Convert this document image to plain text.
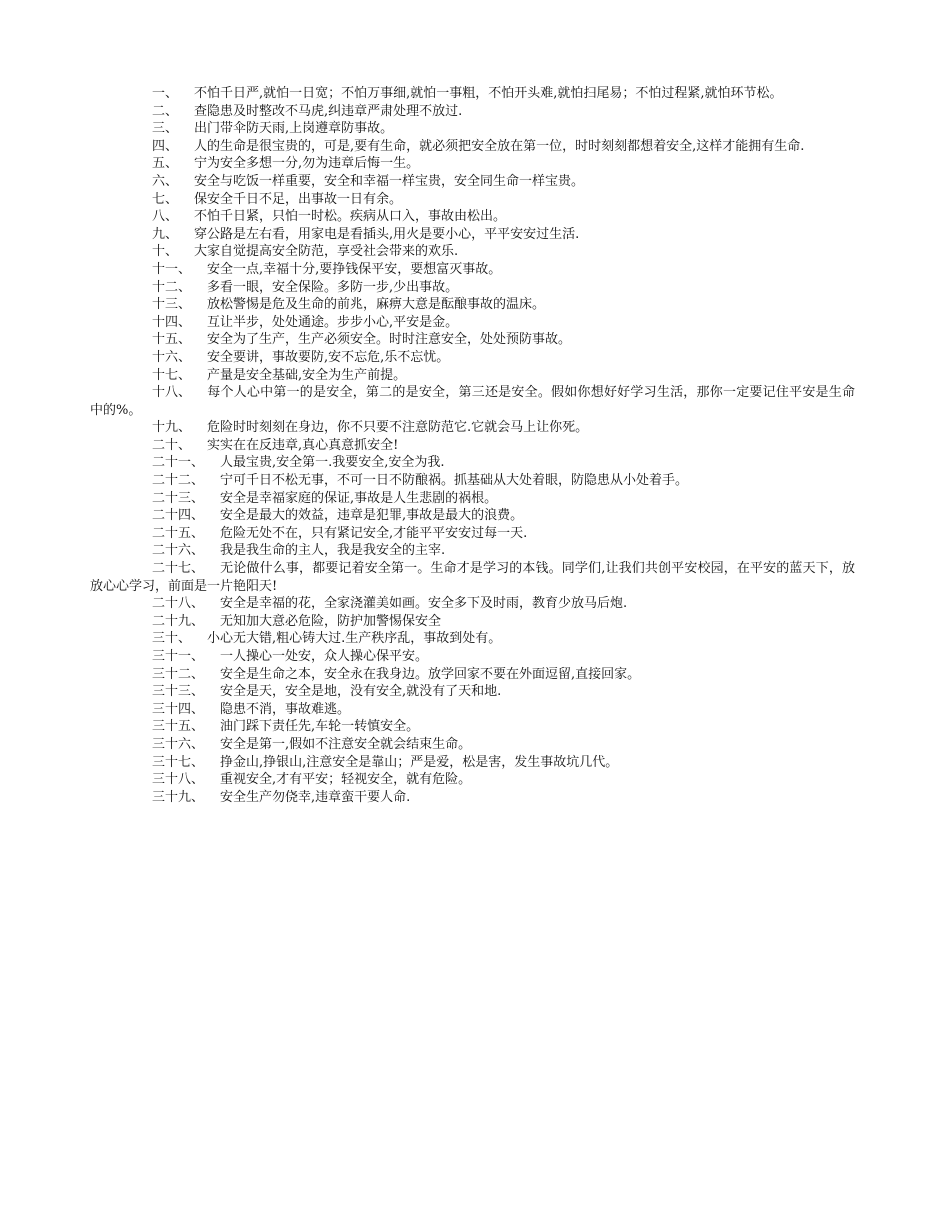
一、 不怕千日严,就怕一日宽；不怕万事细,就怕一事粗，不怕开头难,就怕扫尾易；不怕过程紧,就怕环节松。

二、 查隐患及时整改不马虎,纠违章严肃处理不放过.

三、 出门带伞防天雨,上岗遵章防事故。

四、 人的生命是很宝贵的，可是,要有生命，就必须把安全放在第一位，时时刻刻都想着安全,这样才能拥有生命.

五、 宁为安全多想一分,勿为违章后悔一生。

六、 安全与吃饭一样重要，安全和幸福一样宝贵，安全同生命一样宝贵。

七、 保安全千日不足，出事故一日有余。

八、 不怕千日紧，只怕一时松。疾病从口入，事故由松出。

九、 穿公路是左右看，用家电是看插头,用火是要小心，平平安安过生活.

十、 大家自觉提高安全防范，享受社会带来的欢乐.

十一、 安全一点,幸福十分,要挣钱保平安，要想富灭事故。

十二、 多看一眼，安全保险。多防一步,少出事故。

十三、 放松警惕是危及生命的前兆，麻痹大意是酝酿事故的温床。

十四、 互让半步，处处通途。步步小心,平安是金。

十五、 安全为了生产，生产必须安全。时时注意安全，处处预防事故。

十六、 安全要讲，事故要防,安不忘危,乐不忘忧。

十七、 产量是安全基础,安全为生产前提。

十八、 每个人心中第一的是安全，第二的是安全，第三还是安全。假如你想好好学习生活，那你一定要记住平安是生命中的%。

十九、 危险时时刻刻在身边，你不只要不注意防范它.它就会马上让你死。

二十、 实实在在反违章,真心真意抓安全!

二十一、 人最宝贵,安全第一.我要安全,安全为我.

二十二、 宁可千日不松无事，不可一日不防酿祸。抓基础从大处着眼，防隐患从小处着手。

二十三、 安全是幸福家庭的保证,事故是人生悲剧的祸根。

二十四、 安全是最大的效益，违章是犯罪,事故是最大的浪费。

二十五、 危险无处不在，只有紧记安全,才能平平安安过每一天.

二十六、 我是我生命的主人，我是我安全的主宰.

二十七、 无论做什么事，都要记着安全第一。生命才是学习的本钱。同学们,让我们共创平安校园，在平安的蓝天下，放放心心学习，前面是一片艳阳天!

二十八、 安全是幸福的花，全家浇灌美如画。安全多下及时雨，教育少放马后炮.

二十九、 无知加大意必危险，防护加警惕保安全

三十、 小心无大错,粗心铸大过.生产秩序乱，事故到处有。

三十一、 一人操心一处安，众人操心保平安。

三十二、 安全是生命之本，安全永在我身边。放学回家不要在外面逗留,直接回家。

三十三、 安全是天，安全是地，没有安全,就没有了天和地.

三十四、 隐患不消，事故难逃。

三十五、 油门踩下责任先,车轮一转慎安全。

三十六、 安全是第一,假如不注意安全就会结束生命。

三十七、 挣金山,挣银山,注意安全是靠山；严是爱，松是害，发生事故坑几代。

三十八、 重视安全,才有平安；轻视安全，就有危险。

三十九、 安全生产勿侥幸,违章蛮干要人命.
